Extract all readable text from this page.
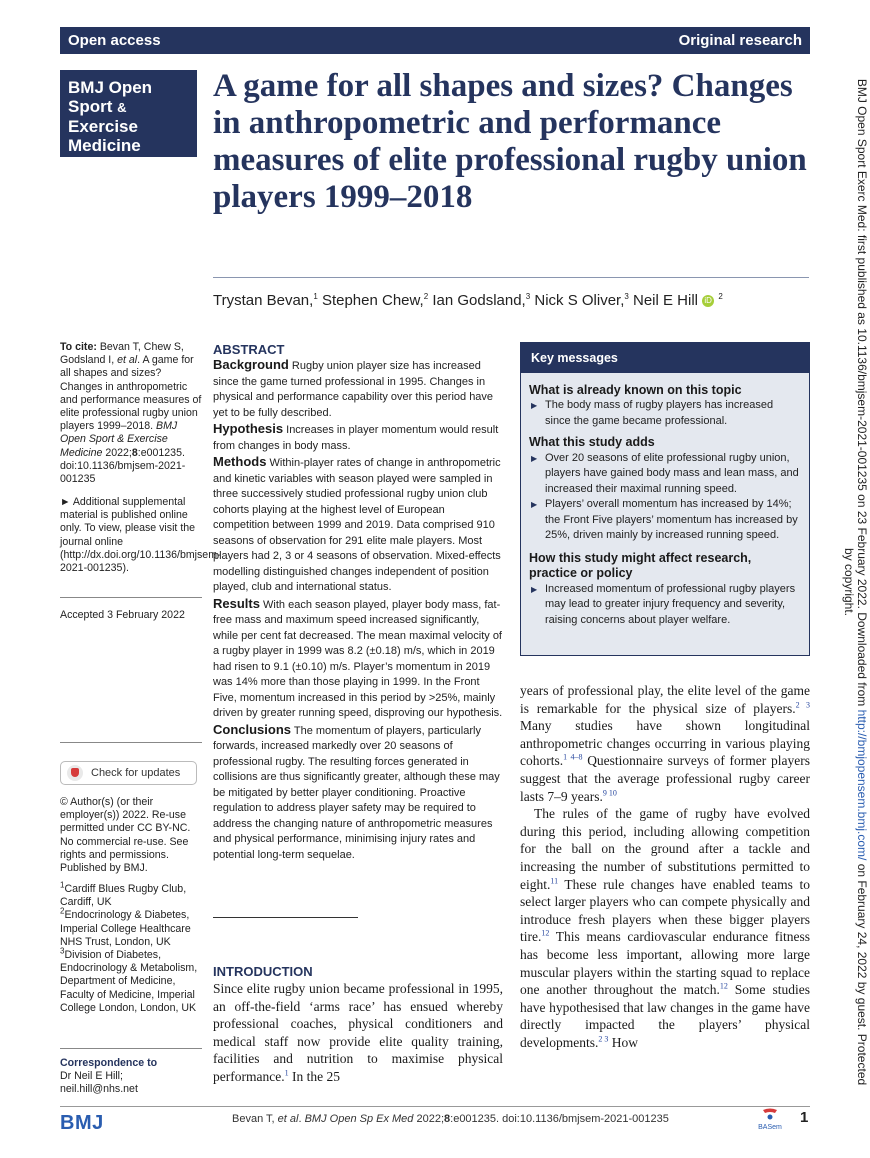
Open access	Original research
BMJ Open
Sport &
Exercise
Medicine
A game for all shapes and sizes? Changes in anthropometric and performance measures of elite professional rugby union players 1999–2018
Trystan Bevan,$^1$ Stephen Chew,$^2$ Ian Godsland,$^3$ Nick S Oliver,$^3$ Neil E Hill iD $^2$

To cite: Bevan T, Chew S, Godsland I, et al. A game for all shapes and sizes? Changes in anthropometric and performance measures of elite professional rugby union players 1999–2018. BMJ Open Sport & Exercise Medicine 2022;8:e001235. doi:10.1136/bmjsem-2021-001235

► Additional supplemental material is published online only. To view, please visit the journal online (http://dx.doi.org/10.1136/bmjsem-2021-001235).
Accepted 3 February 2022
Check for updates
© Author(s) (or their employer(s)) 2022. Re-use permitted under CC BY-NC. No commercial re-use. See rights and permissions. Published by BMJ.

$^1$Cardiff Blues Rugby Club, Cardiff, UK

$^2$Endocrinology & Diabetes, Imperial College Healthcare NHS Trust, London, UK

$^3$Division of Diabetes, Endocrinology & Metabolism, Department of Medicine, Faculty of Medicine, Imperial College London, London, UK

Correspondence to

Dr Neil E Hill; neil.hill@nhs.net

ABSTRACT

Background Rugby union player size has increased since the game turned professional in 1995. Changes in physical and performance capability over this period have yet to be fully described.

Hypothesis Increases in player momentum would result from changes in body mass.

Methods Within-player rates of change in anthropometric and kinetic variables with season played were sampled in three successively studied professional rugby union club cohorts playing at the highest level of European competition between 1999 and 2019. Data comprised 910 seasons of observation for 291 elite male players. Most players had 2, 3 or 4 seasons of observation. Mixed-effects modelling distinguished changes independent of position played, club and international status.

Results With each season played, player body mass, fat-free mass and maximum speed increased significantly, while per cent fat decreased. The mean maximal velocity of a rugby player in 1999 was 8.2 (±0.18) m/s, which in 2019 had risen to 9.1 (±0.10) m/s. Player’s momentum in 2019 was 14% more than those playing in 1999. In the Front Five, momentum increased in this period by >25%, mainly driven by greater running speed, disproving our hypothesis.

Conclusions The momentum of players, particularly forwards, increased markedly over 20 seasons of professional rugby. The resulting forces generated in collisions are thus significantly greater, although these may be mitigated by better player conditioning. Proactive regulation to address player safety may be required to address the changing nature of anthropometric measures and physical performance, minimising injury rates and potential long-term sequelae.

INTRODUCTION

Since elite rugby union became professional in 1995, an off-the-field ‘arms race’ has ensued whereby professional coaches, physical conditioners and medical staff now provide elite quality training, facilities and nutrition to maximise physical performance.$^1$ In the 25

Key messages

What is already known on this topic

▶ The body mass of rugby players has increased since the game became professional.

What this study adds

▶ Over 20 seasons of elite professional rugby union, players have gained body mass and lean mass, and increased their maximal running speed.
▶ Players’ overall momentum has increased by 14%; the Front Five players’ momentum has increased by 25%, driven mainly by increased running speed.

How this study might affect research, practice or policy

▶ Increased momentum of professional rugby players may lead to greater injury frequency and severity, raising concerns about player welfare.

years of professional play, the elite level of the game is remarkable for the physical size of players.$^{2 3}$ Many studies have shown longitudinal anthropometric changes occurring in various playing cohorts.$^{1 4-8}$ Questionnaire surveys of former players suggest that the average professional rugby career lasts 7–9 years.$^{9 10}$

The rules of the game of rugby have evolved during this period, including allowing competition for the ball on the ground after a tackle and increasing the number of substitutions permitted to eight.$^{11}$ These rule changes have enabled teams to select larger players who can compete physically and introduce fresh players when these bigger players tire.$^{12}$ This means cardiovascular endurance fitness has become less important, allowing more large muscular players within the starting squad to replace one another throughout the match.$^{12}$ Some studies have hypothesised that law changes in the game have directly impacted the players’ physical developments.$^{2 3}$ How

BMJ	Bevan T, et al. BMJ Open Sp Ex Med 2022;8:e001235. doi:10.1136/bmjsem-2021-001235
BASem
1
BMJ Open Sport Exerc Med: first published as 10.1136/bmjsem-2021-001235 on 23 February 2022. Downloaded from http://bmjopensem.bmj.com/ on February 24, 2022 by guest. Protected
by copyright.
